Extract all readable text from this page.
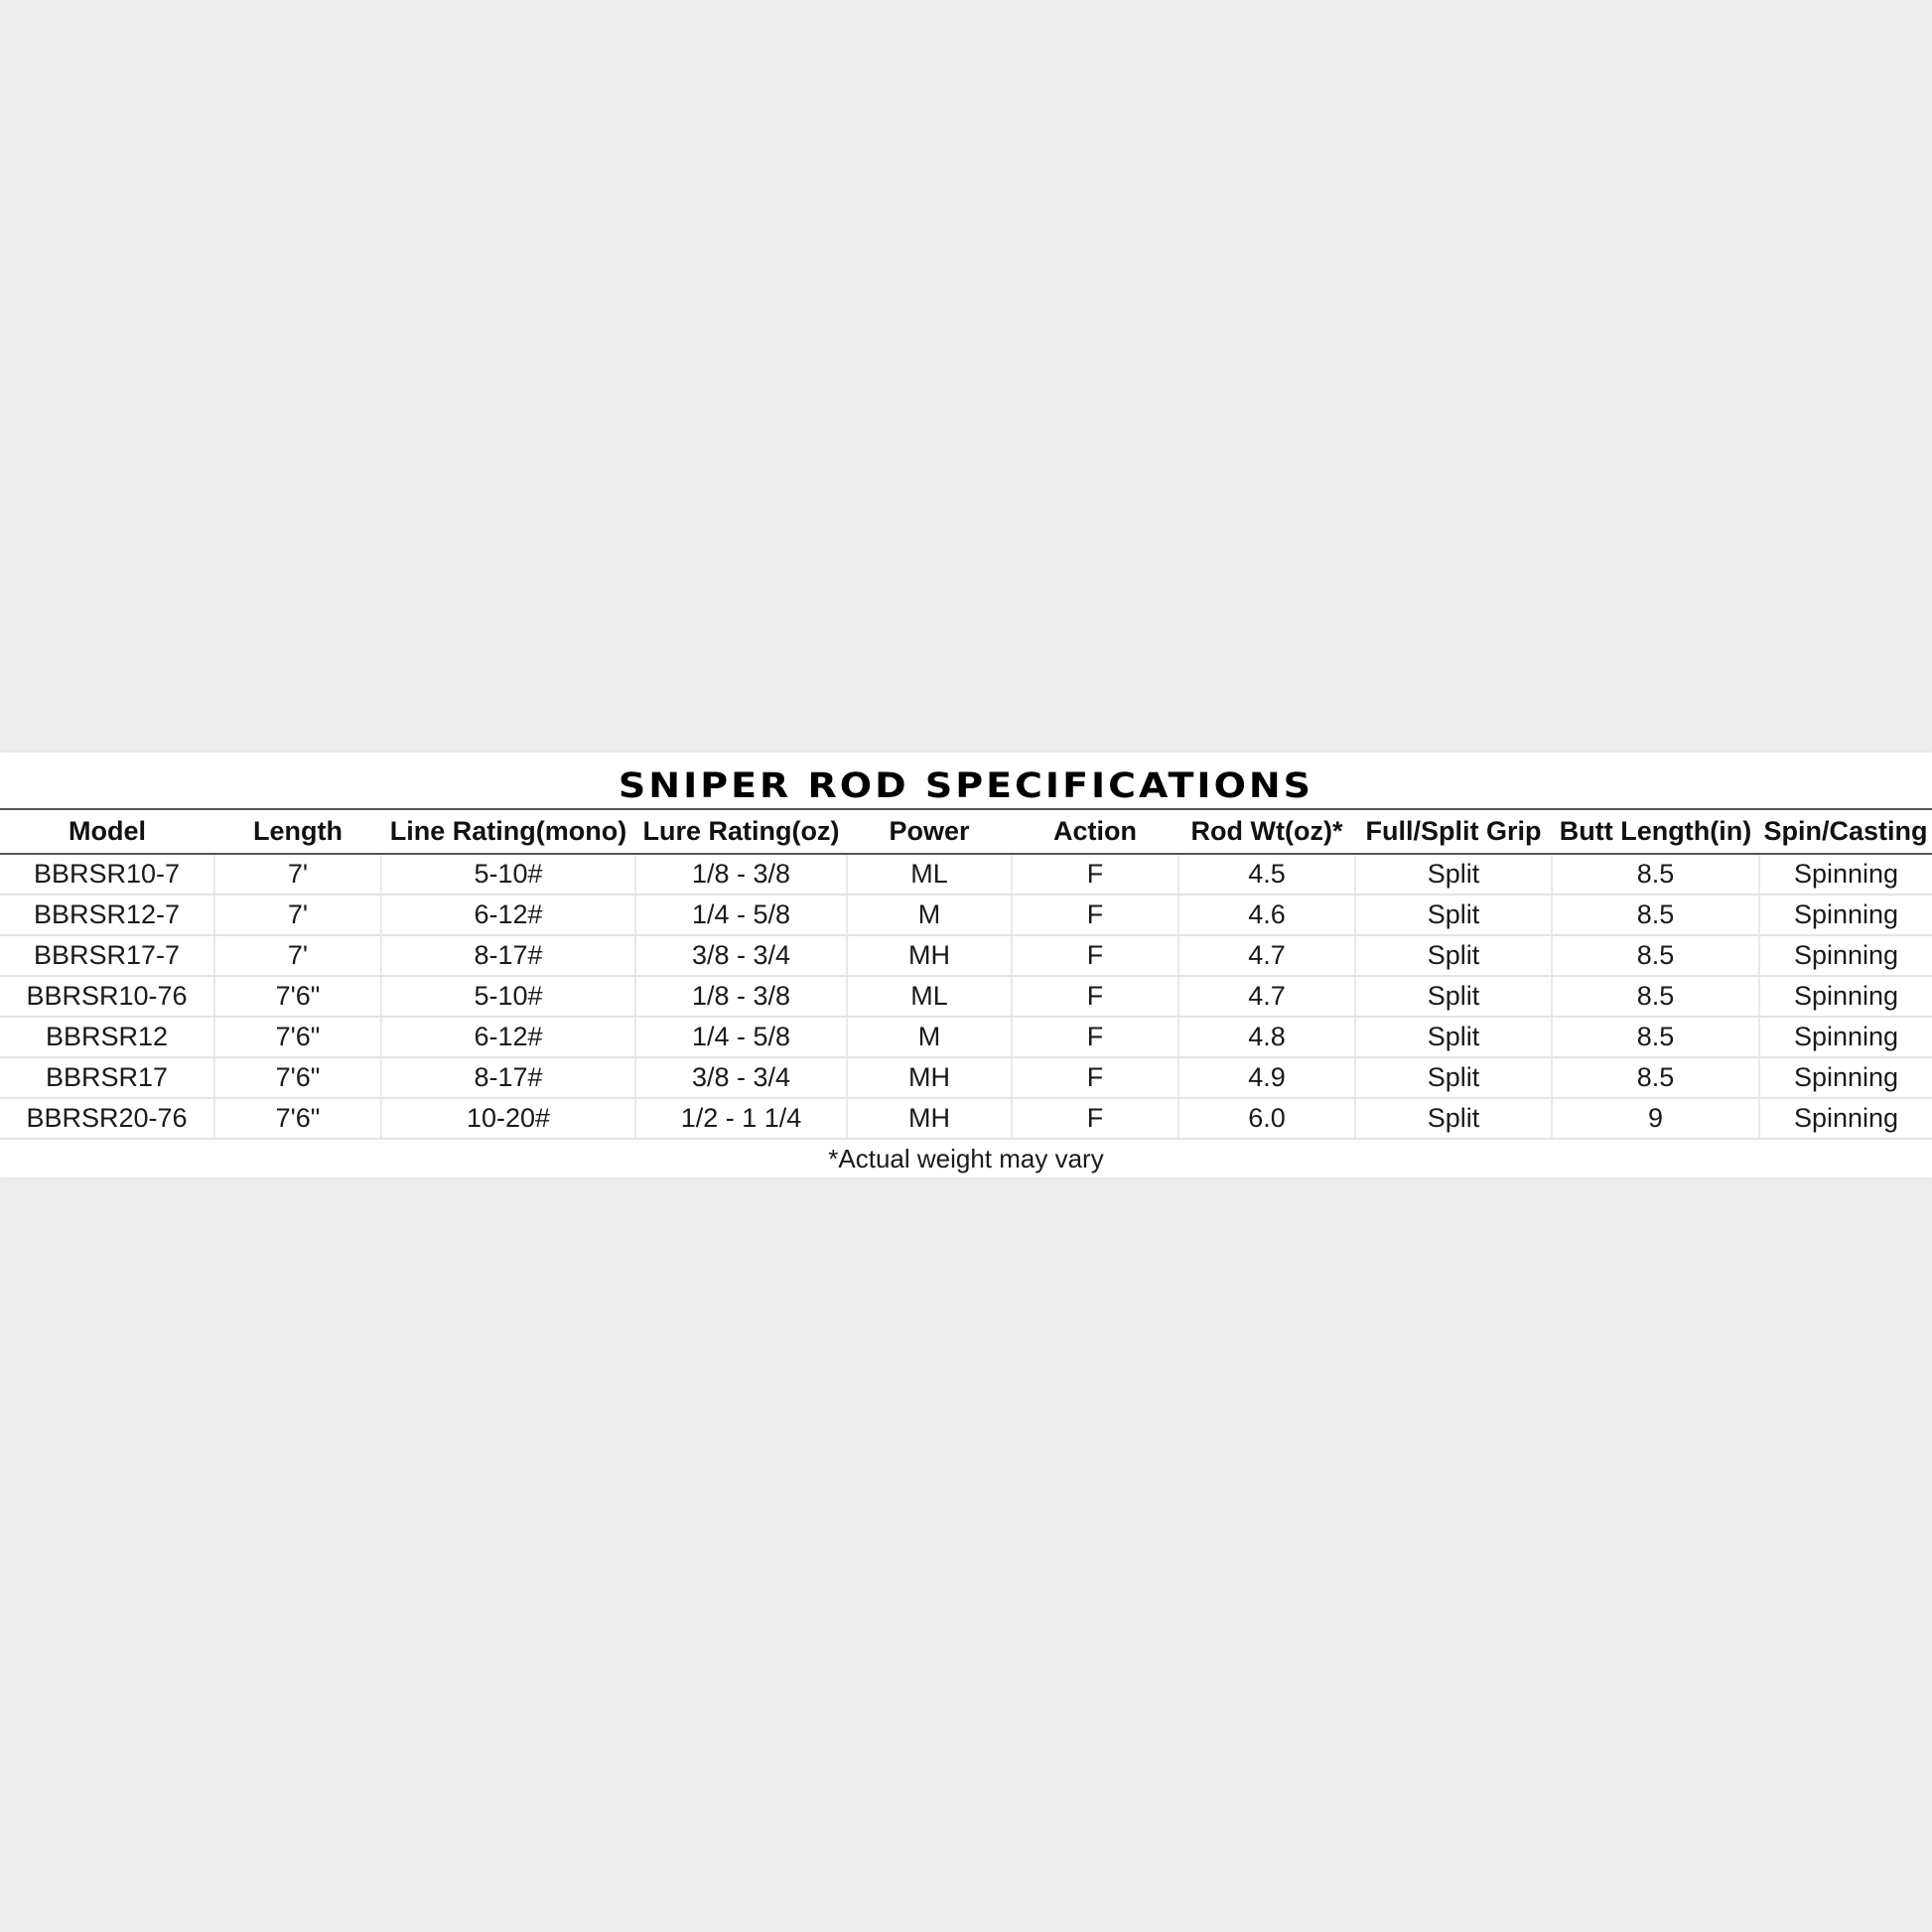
SNIPER ROD SPECIFICATIONS
Model	Length	Line Rating(mono)	Lure Rating(oz)	Power	Action	Rod Wt(oz)*	Full/Split Grip	Butt Length(in)	Spin/Casting
BBRSR10-7	7'	5-10#	1/8 - 3/8	ML	F	4.5	Split	8.5	Spinning
BBRSR12-7	7'	6-12#	1/4 - 5/8	M	F	4.6	Split	8.5	Spinning
BBRSR17-7	7'	8-17#	3/8 - 3/4	MH	F	4.7	Split	8.5	Spinning
BBRSR10-76	7'6"	5-10#	1/8 - 3/8	ML	F	4.7	Split	8.5	Spinning
BBRSR12	7'6"	6-12#	1/4 - 5/8	M	F	4.8	Split	8.5	Spinning
BBRSR17	7'6"	8-17#	3/8 - 3/4	MH	F	4.9	Split	8.5	Spinning
BBRSR20-76	7'6"	10-20#	1/2 - 1 1/4	MH	F	6.0	Split	9	Spinning
*Actual weight may vary
